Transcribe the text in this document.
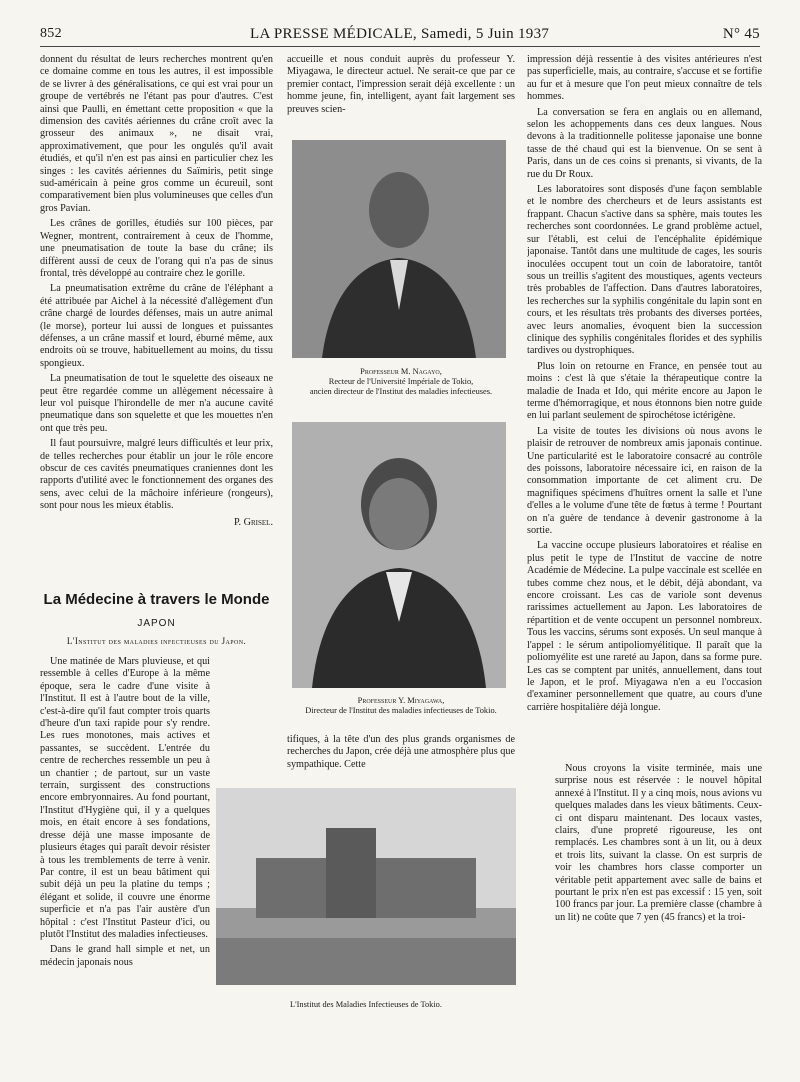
852	LA PRESSE MÉDICALE, Samedi, 5 Juin 1937	N° 45

donnent du résultat de leurs recherches montrent qu'en ce domaine comme en tous les autres, il est impossible de se livrer à des généralisations, ce qui est vrai pour un groupe de vertébrés ne l'étant pas pour d'autres. C'est ainsi que Paulli, en émettant cette proposition « que la dimension des cavités aériennes du crâne croît avec la grosseur des animaux », ne disait vrai, approximativement, que pour les ongulés qu'il avait étudiés, et qu'il n'en est pas ainsi en particulier chez les singes : les cavités aériennes du Saïmiris, petit singe sud-américain à peine gros comme un écureuil, sont comparativement bien plus volumineuses que celles d'un gros Pavian.

Les crânes de gorilles, étudiés sur 100 pièces, par Wegner, montrent, contrairement à ceux de l'homme, une pneumatisation de toute la base du crâne; ils diffèrent aussi de ceux de l'orang qui n'a pas de sinus frontal, très développé au contraire chez le gorille.

La pneumatisation extrême du crâne de l'éléphant a été attribuée par Aichel à la nécessité d'allègement d'un crâne chargé de lourdes défenses, mais un autre animal (le morse), porteur lui aussi de longues et puissantes défenses, a un crâne massif et lourd, éburné même, aux endroits où se trouve, habituellement au moins, du tissu spongieux.

La pneumatisation de tout le squelette des oiseaux ne peut être regardée comme un allègement nécessaire à leur vol puisque l'hirondelle de mer n'a aucune cavité pneumatique dans son squelette et que les mouettes n'en ont que très peu.

Il faut poursuivre, malgré leurs difficultés et leur prix, de telles recherches pour établir un jour le rôle encore obscur de ces cavités pneumatiques craniennes dont les rapports d'utilité avec le fonctionnement des organes des sens, avec celui de la mâchoire inférieure (rongeurs), sont pour nous les mieux établis.

P. Grisel.

La Médecine à travers le Monde
JAPON
L'Institut des maladies infectieuses du Japon.

Une matinée de Mars pluvieuse, et qui ressemble à celles d'Europe à la même époque, sera le cadre d'une visite à l'Institut. Il est à l'autre bout de la ville, c'est-à-dire qu'il faut compter trois quarts d'heure d'un taxi rapide pour s'y rendre. Les rues monotones, mais actives et passantes, se succèdent. L'entrée du centre de recherches ressemble un peu à un chantier ; de partout, sur un vaste terrain, surgissent des constructions encore embryonnaires. Au fond pourtant, l'Institut d'Hygiène qui, il y a quelques mois, en était encore à ses fondations, dresse déjà une masse imposante de plusieurs étages qui paraît devoir résister à tous les tremblements de terre à venir. Par contre, il est un beau bâtiment qui subit déjà un peu la platine du temps ; élégant et solide, il couvre une énorme superficie et n'a pas l'air austère d'un hôpital : c'est l'Institut Pasteur d'ici, ou plutôt l'Institut des maladies infectieuses.

Dans le grand hall simple et net, un médecin japonais nous

accueille et nous conduit auprès du professeur Y. Miyagawa, le directeur actuel. Ne serait-ce que par ce premier contact, l'impression serait déjà excellente : un homme jeune, fin, intelligent, ayant fait largement ses preuves scien-

Professeur M. Nagayo,
Recteur de l'Université Impériale de Tokio,
ancien directeur de l'Institut des maladies infectieuses.
Professeur Y. Miyagawa,
Directeur de l'Institut des maladies infectieuses de Tokio.

tifiques, à la tête d'un des plus grands organismes de recherches du Japon, crée déjà une atmosphère plus que sympathique. Cette

L'Institut des Maladies Infectieuses de Tokio.

impression déjà ressentie à des visites antérieures n'est pas superficielle, mais, au contraire, s'accuse et se fortifie au fur et à mesure que l'on peut mieux connaître de tels hommes.

La conversation se fera en anglais ou en allemand, selon les achoppements dans ces deux langues. Nous devons à la traditionnelle politesse japonaise une bonne tasse de thé chaud qui est la bienvenue. On se sent à Paris, dans un de ces coins si prenants, si vivants, de la rue du Dr Roux.

Les laboratoires sont disposés d'une façon semblable et le nombre des chercheurs et de leurs assistants est frappant. Chacun s'active dans sa sphère, mais toutes les recherches sont coordonnées. Le grand problème actuel, sur l'établi, est celui de l'encéphalite épidémique japonaise. Tantôt dans une multitude de cages, les souris inoculées occupent tout un coin de laboratoire, tantôt sous un treillis s'agitent des moustiques, agents vecteurs très probables de l'affection. Dans d'autres laboratoires, les recherches sur la syphilis congénitale du lapin sont en cours, et les résultats très probants des diverses portées, avec leurs anomalies, évoquent bien la succession clinique des syphilis congénitales florides et des syphilis tardives ou dystrophiques.

Plus loin on retourne en France, en pensée tout au moins : c'est là que s'étaie la thérapeutique contre la maladie de Inada et Ido, qui mérite encore au Japon le terme d'hémorragique, et nous étonnons bien notre guide en lui parlant seulement de spirochétose ictérigène.

La visite de toutes les divisions où nous avons le plaisir de retrouver de nombreux amis japonais continue. Une particularité est le laboratoire consacré au contrôle des poissons, laboratoire nécessaire ici, en raison de la consommation importante de cet aliment cru. De magnifiques spécimens d'huîtres ornent la salle et l'une d'elles a le volume d'une tête de fœtus à terme ! Pourtant on n'a guère de tendance à devenir gastronome à la sortie.

La vaccine occupe plusieurs laboratoires et réalise en plus petit le type de l'Institut de vaccine de notre Académie de Médecine. La pulpe vaccinale est scellée en tubes comme chez nous, et le débit, déjà abondant, va encore croissant. Les cas de variole sont devenus rarissimes actuellement au Japon. Les laboratoires de répartition et de vente occupent un personnel nombreux. Tous les vaccins, sérums sont exposés. Un seul manque à l'appel : le sérum antipoliomyélitique. Il paraît que la poliomyélite est une rareté au Japon, dans sa forme pure. Les cas se comptent par unités, annuellement, dans tout le Japon, et le prof. Miyagawa n'en a eu l'occasion d'examiner personnellement que quatre, au cours d'une carrière hospitalière déjà longue.

Nous croyons la visite terminée, mais une surprise nous est réservée : le nouvel hôpital annexé à l'Institut. Il y a cinq mois, nous avions vu quelques malades dans les vieux bâtiments. Ceux-ci ont disparu maintenant. Des locaux vastes, clairs, d'une propreté rigoureuse, les ont remplacés. Les chambres sont à un lit, ou à deux et trois lits, suivant la classe. On est surpris de voir les chambres hors classe comporter un véritable petit appartement avec salle de bains et pourtant le prix n'en est pas excessif : 15 yen, soit 100 francs par jour. La première classe (chambre à un lit) ne coûte que 7 yen (45 francs) et la troi-
